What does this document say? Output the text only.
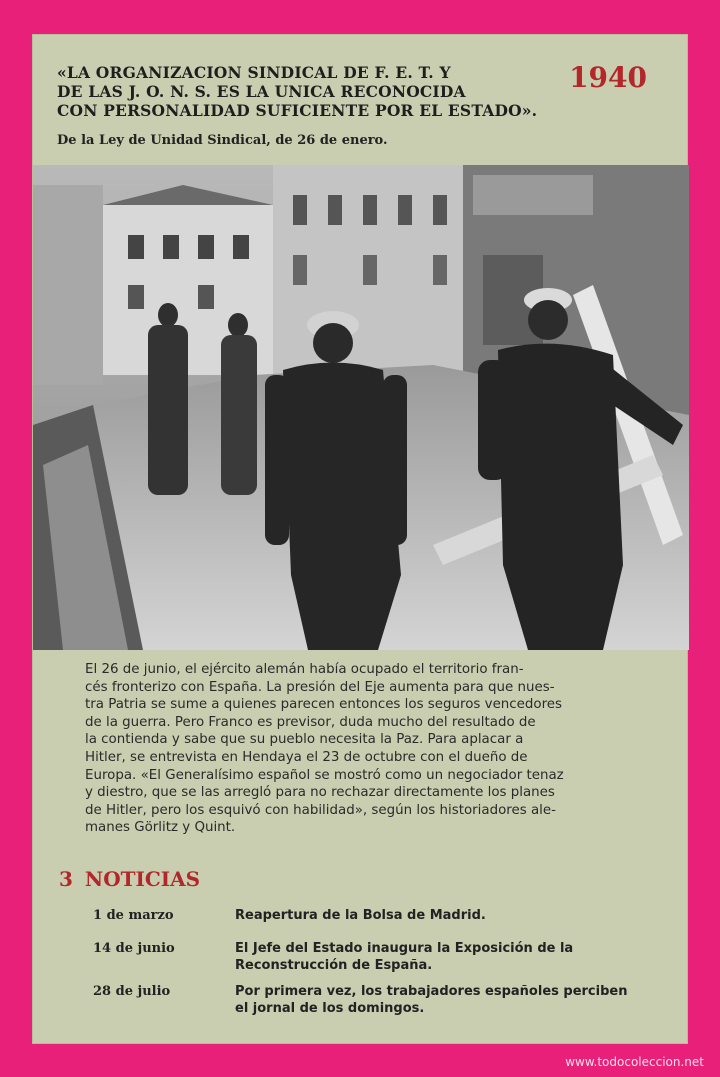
«LA ORGANIZACION SINDICAL DE F. E. T. Y
DE LAS J. O. N. S. ES LA UNICA RECONOCIDA
CON PERSONALIDAD SUFICIENTE POR EL ESTADO».
1940
De la Ley de Unidad Sindical, de 26 de enero.
El 26 de junio, el ejército alemán había ocupado el territorio fran-
cés fronterizo con España. La presión del Eje aumenta para que nues-
tra Patria se sume a quienes parecen entonces los seguros vencedores
de la guerra. Pero Franco es previsor, duda mucho del resultado de
la contienda y sabe que su pueblo necesita la Paz. Para aplacar a
Hitler, se entrevista en Hendaya el 23 de octubre con el dueño de
Europa. «El Generalísimo español se mostró como un negociador tenaz
y diestro, que se las arregló para no rechazar directamente los planes
de Hitler, pero los esquivó con habilidad», según los historiadores ale-
manes Görlitz y Quint.
3 NOTICIAS
1 de marzo	Reapertura de la Bolsa de Madrid.
14 de junio	El Jefe del Estado inaugura la Exposición de la
Reconstrucción de España.
28 de julio	Por primera vez, los trabajadores españoles perciben
el jornal de los domingos.
www.todocoleccion.net
